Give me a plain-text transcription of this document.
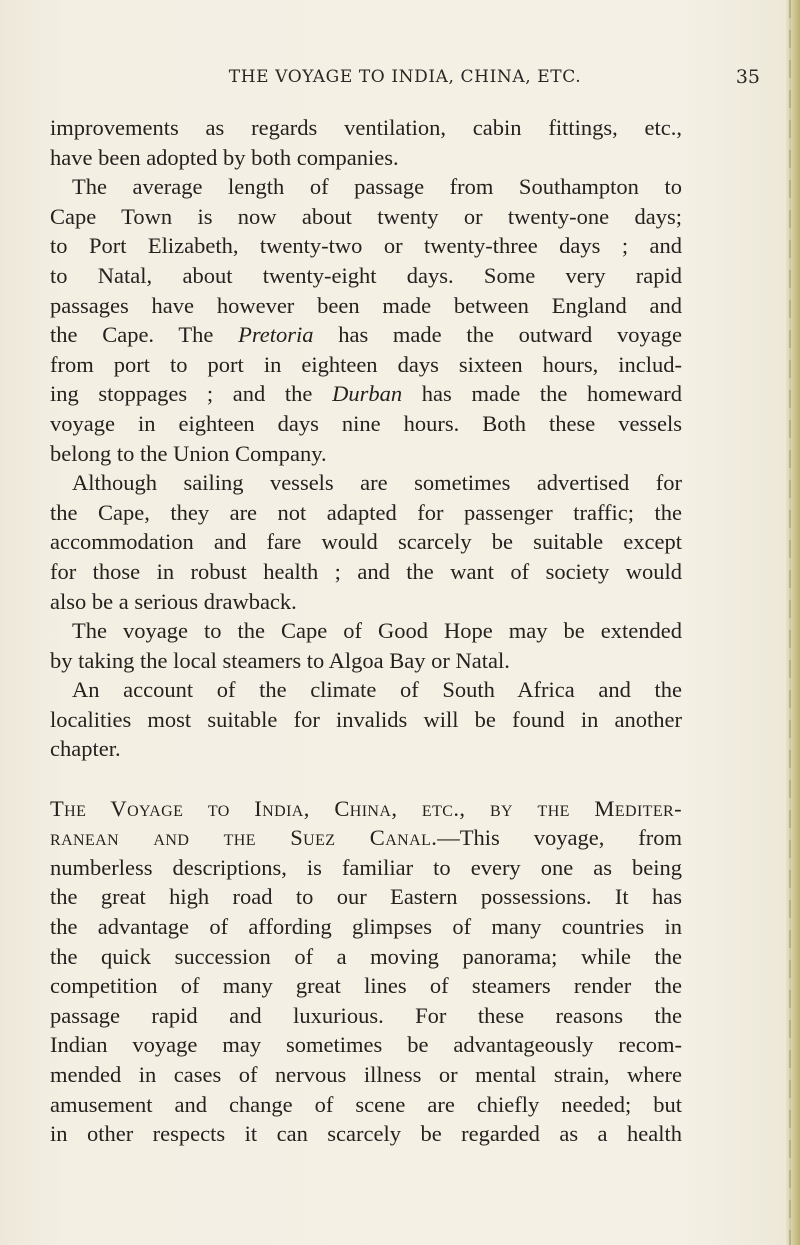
THE VOYAGE TO INDIA, CHINA, ETC.	35
improvements as regards ventilation, cabin fittings, etc.,
have been adopted by both companies.
The average length of passage from Southampton to
Cape Town is now about twenty or twenty-one days;
to Port Elizabeth, twenty-two or twenty-three days ; and
to Natal, about twenty-eight days. Some very rapid
passages have however been made between England and
the Cape. The Pretoria has made the outward voyage
from port to port in eighteen days sixteen hours, includ-
ing stoppages ; and the Durban has made the homeward
voyage in eighteen days nine hours. Both these vessels
belong to the Union Company.
Although sailing vessels are sometimes advertised for
the Cape, they are not adapted for passenger traffic; the
accommodation and fare would scarcely be suitable except
for those in robust health ; and the want of society would
also be a serious drawback.
The voyage to the Cape of Good Hope may be extended
by taking the local steamers to Algoa Bay or Natal.
An account of the climate of South Africa and the
localities most suitable for invalids will be found in another
chapter.
The Voyage to India, China, etc., by the Mediter-
ranean and the Suez Canal.—This voyage, from
numberless descriptions, is familiar to every one as being
the great high road to our Eastern possessions. It has
the advantage of affording glimpses of many countries in
the quick succession of a moving panorama; while the
competition of many great lines of steamers render the
passage rapid and luxurious. For these reasons the
Indian voyage may sometimes be advantageously recom-
mended in cases of nervous illness or mental strain, where
amusement and change of scene are chiefly needed; but
in other respects it can scarcely be regarded as a health
